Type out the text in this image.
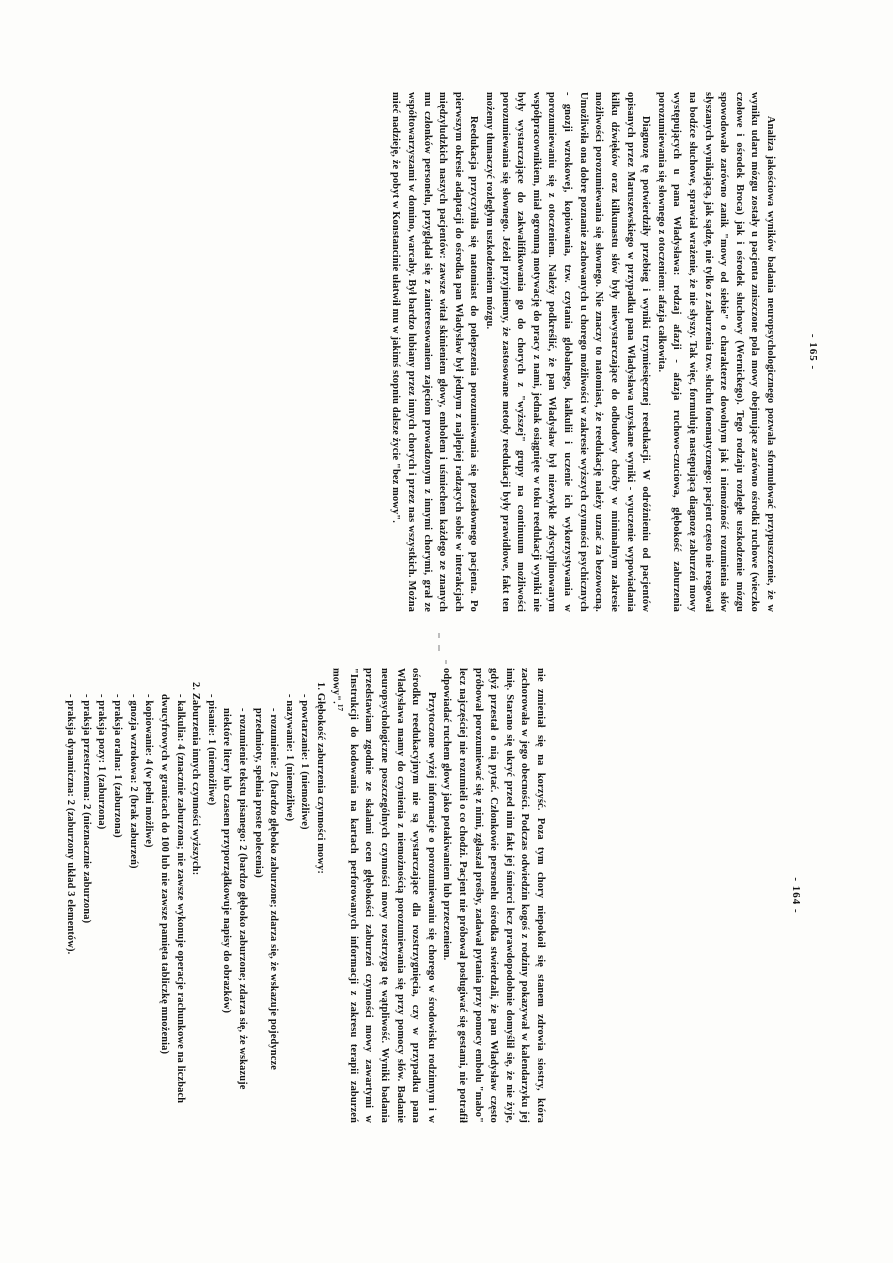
- 164 -

nie zmieniał się na korzyść. Poza tym chory niepokoił się stanem zdrowia siostry, która zachorowała w jego obecności. Podczas odwiedzin kogoś z rodziny pokazywał w kalendarzyku jej imię. Starano się ukryć przed nim fakt jej śmierci lecz prawdopodobnie domyślił się, że nie żyje, gdyż przestał o nią pytać. Członkowie personelu ośrodka stwierdzali, że pan Władysław często próbował porozumiewać się z nimi, zgłaszał prośby, zadawał pytania przy pomocy embolu "mabo" lecz najczęściej nie rozumieli o co chodzi. Pacjent nie próbował posługiwać się gestami, nie potrafił odpowiadać ruchem głowy jako potakiwaniem lub przeczeniem.

Przytoczone wyżej informacje o porozumiewaniu się chorego w środowisku rodzinnym i w ośrodku reedukacyjnym nie są wystarczające dla rozstrzygnięcia, czy w przypadku pana Władysława mamy do czynienia z niemożnością porozumiewania się przy pomocy słów. Badanie neuropsychologiczne poszczególnych czynności mowy rozstrzyga tę wątpliwość. Wyniki badania przedstawiam zgodnie ze skalami ocen głębokości zaburzeń czynności mowy zawartymi w "Instrukcji do kodowania na kartach perforowanych informacji z zakresu terapii zaburzeń mowy".$^{17}$

1. Głębokość zaburzenia czynności mowy:

- powtarzanie: 1 (niemożliwe)
- nazywanie: 1 (niemożliwe)
- rozumienie: 2 (bardzo głęboko zaburzone; zdarza się, że wskazuje pojedyncze przedmioty, spełnia proste polecenia)
- rozumienie tekstu pisanego: 2 (bardzo głęboko zaburzone; zdarza się, że wskazuje niektóre litery lub czasem przyporządkowuje napisy do obrazków)
- pisanie: 1 (niemożliwe)

2. Zaburzenia innych czynności wyższych:

- kalkulia: 4 (znacznie zaburzona; nie zawsze wykonuje operacje rachunkowe na liczbach dwucyfrowych w granicach do 100 lub nie zawsze pamięta tabliczkę mnożenia)
- kopiowanie: 4 (w pełni możliwe)
- gnozja wzrokowa: 2 (brak zaburzeń)
- praksja oralna: 1 (zaburzona)
- praksja pozy: 1 (zaburzona)
- praksja przestrzenna: 2 (nieznacznie zaburzona)
- praksja dynamiczna: 2 (zaburzony układ 3 elementów).
- 165 -

Analiza jakościowa wyników badania neuropsychologicznego pozwala sformułować przypuszczenie, że w wyniku udaru mózgu zostały u pacjenta zniszczone pola mowy obejmujące zarówno ośrodki ruchowe (wieczko czołowe i ośrodek Broca) jak i ośrodek słuchowy (Wernickego). Tego rodzaju rozległe uszkodzenie mózgu spowodowało zarówno zanik "mowy od siebie" o charakterze dowolnym jak i niemożność rozumienia słów słyszanych wynikającą, jak sądzę, nie tylko z zaburzenia tzw. słuchu fonematycznego: pacjent często nie reagował na bodźce słuchowe, sprawiał wrażenie, że nie słyszy. Tak więc, formułuję następującą diagnozę zaburzeń mowy występujących u pana Władysława: rodzaj afazji - afazja ruchowo-czuciowa, głębokość zaburzenia porozumiewania się słownego z otoczeniem: afazja całkowita.

Diagnozę tę potwierdziły przebieg i wyniki trzymiesięcznej reedukacji. W odróżnieniu od pacjentów opisanych przez Maruszewskiego w przypadku pana Władysława uzyskane wyniki - wyuczenie wypowiadania kilku dźwięków oraz kilkunastu słów były niewystarczające do odbudowy choćby w minimalnym zakresie możliwości porozumiewania się słownego. Nie znaczy to natomiast, że reedukację należy uznać za bezowocną. Umożliwiła ona dobre poznanie zachowanych u chorego możliwości w zakresie wyższych czynności psychicznych - gnozji wzrokowej, kopiowania, tzw. czytania globalnego, kalkulii i uczenie ich wykorzystywania w porozumiewaniu się z otoczeniem. Należy podkreślić, że pan Władysław był niezwykle zdyscyplinowanym współpracownikiem, miał ogromną motywację do pracy z nami, jednak osiągnięte w toku reedukacji wyniki nie były wystarczające do zakwalifikowania go do chorych z "wyższej" grupy na continuum możliwości porozumiewania się słownego. Jeżeli przyjmiemy, że zastosowane metody reedukacji były prawidłowe, fakt ten możemy tłumaczyć rozległym uszkodzeniem mózgu.

Reedukacja przyczyniła się natomiast do polepszenia porozumiewania się pozasłownego pacjenta. Po pierwszym okresie adaptacji do ośrodka pan Władysław był jednym z najlepiej radzących sobie w interakcjach międzyludzkich naszych pacjentów: zawsze witał skinieniem głowy, embolem i uśmiechem każdego ze znanych mu członków personelu, przyglądał się z zainteresowaniem zajęciom prowadzonym z innymi chorymi, grał ze współtowarzyszami w domino, warcaby. Był bardzo lubiany przez innych chorych i przez nas wszystkich. Można mieć nadzieję, że pobyt w Konstancinie ułatwił mu w jakimś stopniu dalsze życie "bez mowy".
